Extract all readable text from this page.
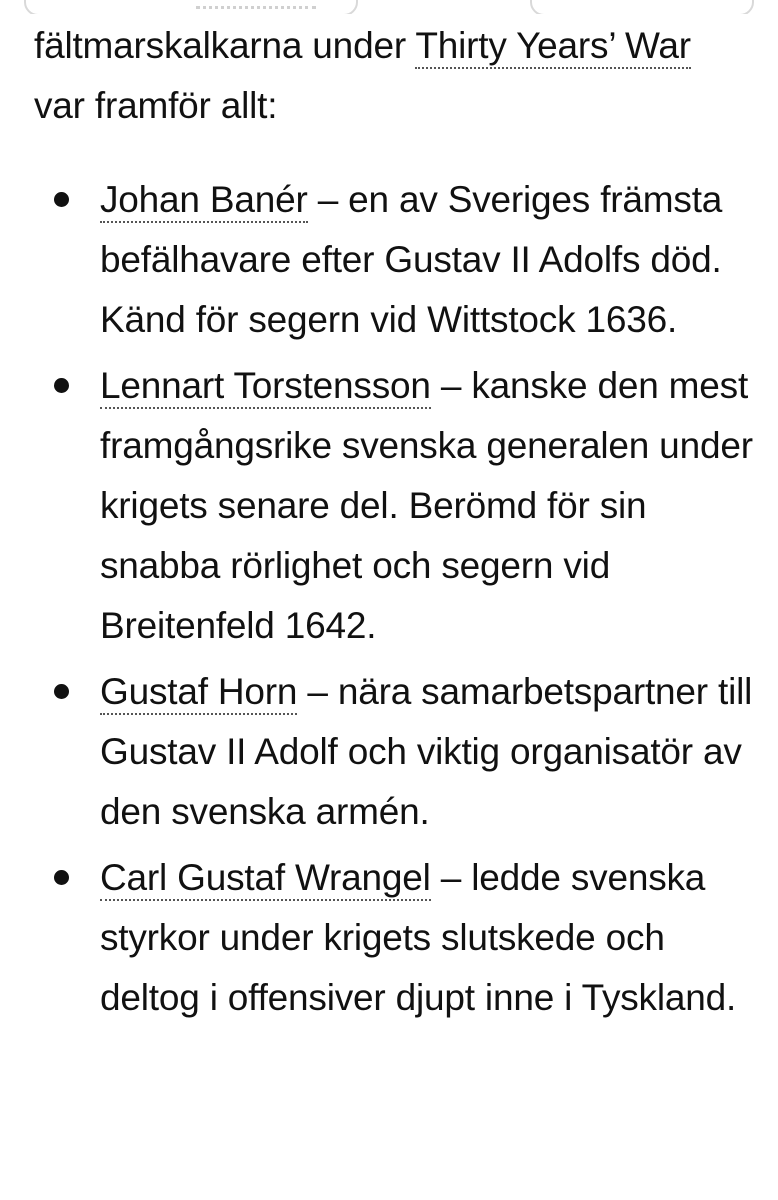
fältmarskalkarna under Thirty Years’ War
var framför allt:

Johan Banér – en av Sveriges främsta befälhavare efter Gustav II Adolfs död. Känd för segern vid Wittstock 1636.
Lennart Torstensson – kanske den mest framgångsrike svenska generalen under krigets senare del. Berömd för sin snabba rörlighet och segern vid Breitenfeld 1642.
Gustaf Horn – nära samarbetspartner till Gustav II Adolf och viktig organisatör av den svenska armén.
Carl Gustaf Wrangel – ledde svenska styrkor under krigets slutskede och deltog i offensiver djupt inne i Tyskland.
